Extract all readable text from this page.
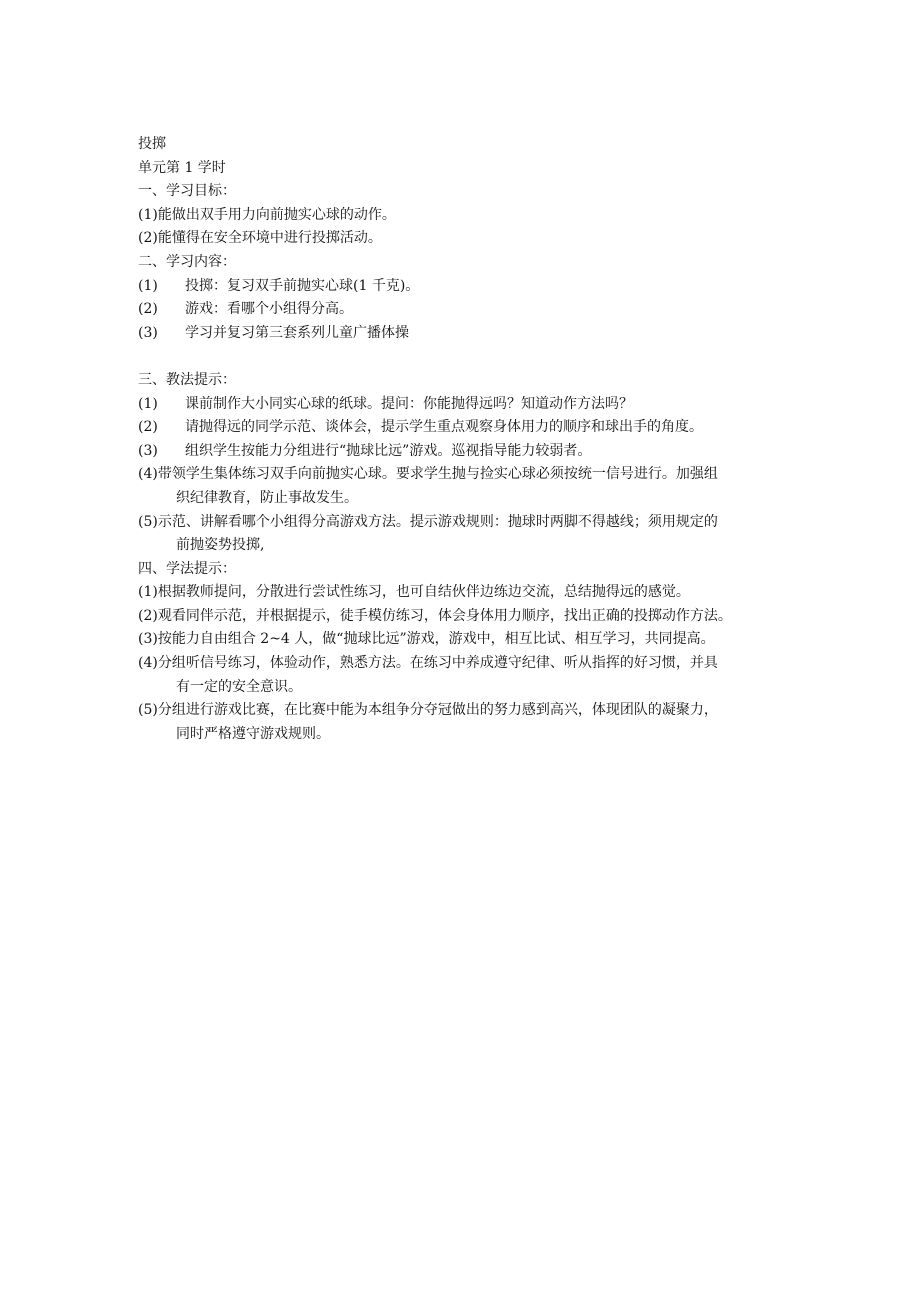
投掷
单元第 1 学时
一、学习目标：
(1) 能做出双手用力向前抛实心球的动作。
(2) 能懂得在安全环境中进行投掷活动。
二、学习内容：
(1)	投掷：复习双手前抛实心球(1 千克)。
(2)	游戏：看哪个小组得分高。
(3)	学习并复习第三套系列儿童广播体操
三、教法提示：
(1)	课前制作大小同实心球的纸球。提问：你能抛得远吗？知道动作方法吗？
(2)	请抛得远的同学示范、谈体会，提示学生重点观察身体用力的顺序和球出手的角度。
(3)	组织学生按能力分组进行“抛球比远”游戏。巡视指导能力较弱者。
(4) 带领学生集体练习双手向前抛实心球。要求学生抛与捡实心球必须按统一信号进行。加强组
织纪律教育，防止事故发生。
(5) 示范、讲解看哪个小组得分高游戏方法。提示游戏规则：抛球时两脚不得越线；须用规定的
前抛姿势投掷,
四、学法提示：
(1) 根据教师提问，分散进行尝试性练习，也可自结伙伴边练边交流，总结抛得远的感觉。
(2) 观看同伴示范，并根据提示，徒手模仿练习，体会身体用力顺序，找出正确的投掷动作方法。
(3) 按能力自由组合 2~4 人，做“抛球比远”游戏，游戏中，相互比试、相互学习，共同提高。
(4) 分组听信号练习，体验动作，熟悉方法。在练习中养成遵守纪律、听从指挥的好习惯，并具
有一定的安全意识。
(5) 分组进行游戏比赛，在比赛中能为本组争分夺冠做出的努力感到高兴，体现团队的凝聚力，
同时严格遵守游戏规则。
